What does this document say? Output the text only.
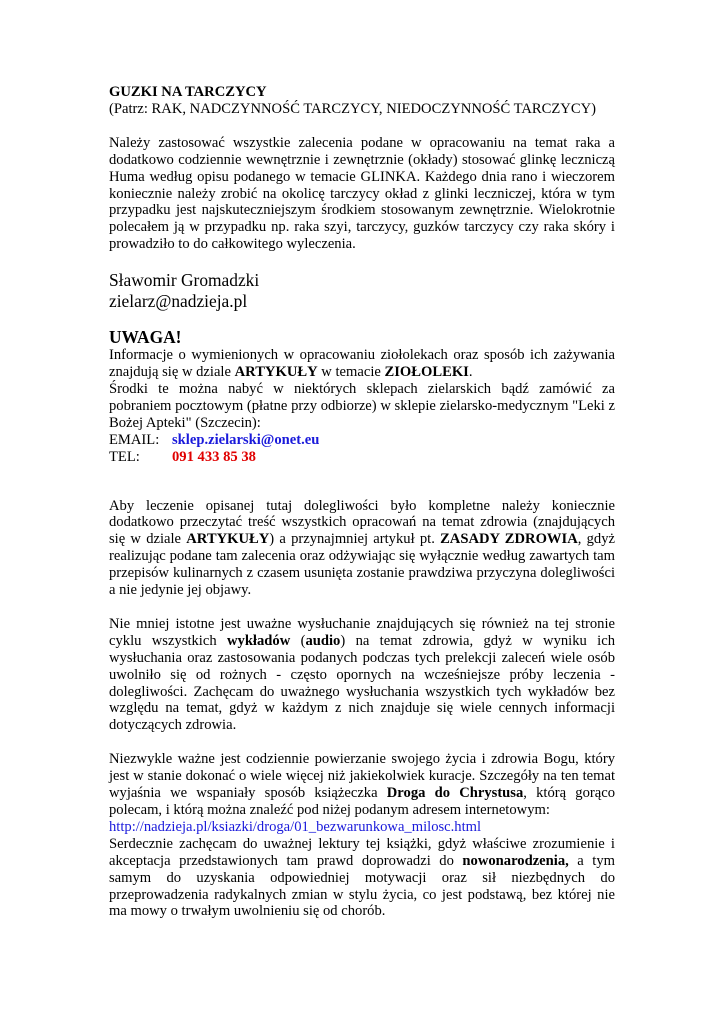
GUZKI NA TARCZYCY

(Patrz: RAK, NADCZYNNOŚĆ TARCZYCY, NIEDOCZYNNOŚĆ TARCZYCY)

Należy zastosować wszystkie zalecenia podane w opracowaniu na temat raka a dodatkowo codziennie wewnętrznie i zewnętrznie (okłady) stosować glinkę leczniczą Huma według opisu podanego w temacie GLINKA. Każdego dnia rano i wieczorem koniecznie należy zrobić na okolicę tarczycy okład z glinki leczniczej, która w tym przypadku jest najskuteczniejszym środkiem stosowanym zewnętrznie. Wielokrotnie polecałem ją w przypadku np. raka szyi, tarczycy, guzków tarczycy czy raka skóry i prowadziło to do całkowitego wyleczenia.

Sławomir Gromadzki

zielarz@nadzieja.pl

UWAGA!

Informacje o wymienionych w opracowaniu ziołolekach oraz sposób ich zażywania znajdują się w dziale ARTYKUŁY w temacie ZIOŁOLEKI.

Środki te można nabyć w niektórych sklepach zielarskich bądź zamówić za pobraniem pocztowym (płatne przy odbiorze) w sklepie zielarsko-medycznym "Leki z Bożej Apteki" (Szczecin):

EMAIL: sklep.zielarski@onet.eu
TEL:	091 433 85 38

Aby leczenie opisanej tutaj dolegliwości było kompletne należy koniecznie dodatkowo przeczytać treść wszystkich opracowań na temat zdrowia (znajdujących się w dziale ARTYKUŁY) a przynajmniej artykuł pt. ZASADY ZDROWIA, gdyż realizując podane tam zalecenia oraz odżywiając się wyłącznie według zawartych tam przepisów kulinarnych z czasem usunięta zostanie prawdziwa przyczyna dolegliwości a nie jedynie jej objawy.

Nie mniej istotne jest uważne wysłuchanie znajdujących się również na tej stronie cyklu wszystkich wykładów (audio) na temat zdrowia, gdyż w wyniku ich wysłuchania oraz zastosowania podanych podczas tych prelekcji zaleceń wiele osób uwolniło się od rożnych - często opornych na wcześniejsze próby leczenia - dolegliwości. Zachęcam do uważnego wysłuchania wszystkich tych wykładów bez względu na temat, gdyż w każdym z nich znajduje się wiele cennych informacji dotyczących zdrowia.

Niezwykle ważne jest codziennie powierzanie swojego życia i zdrowia Bogu, który jest w stanie dokonać o wiele więcej niż jakiekolwiek kuracje. Szczegóły na ten temat wyjaśnia we wspaniały sposób książeczka Droga do Chrystusa, którą gorąco polecam, i którą można znaleźć pod niżej podanym adresem internetowym:

http://nadzieja.pl/ksiazki/droga/01_bezwarunkowa_milosc.html

Serdecznie zachęcam do uważnej lektury tej książki, gdyż właściwe zrozumienie i akceptacja przedstawionych tam prawd doprowadzi do nowonarodzenia, a tym samym do uzyskania odpowiedniej motywacji oraz sił niezbędnych do przeprowadzenia radykalnych zmian w stylu życia, co jest podstawą, bez której nie ma mowy o trwałym uwolnieniu się od chorób.
